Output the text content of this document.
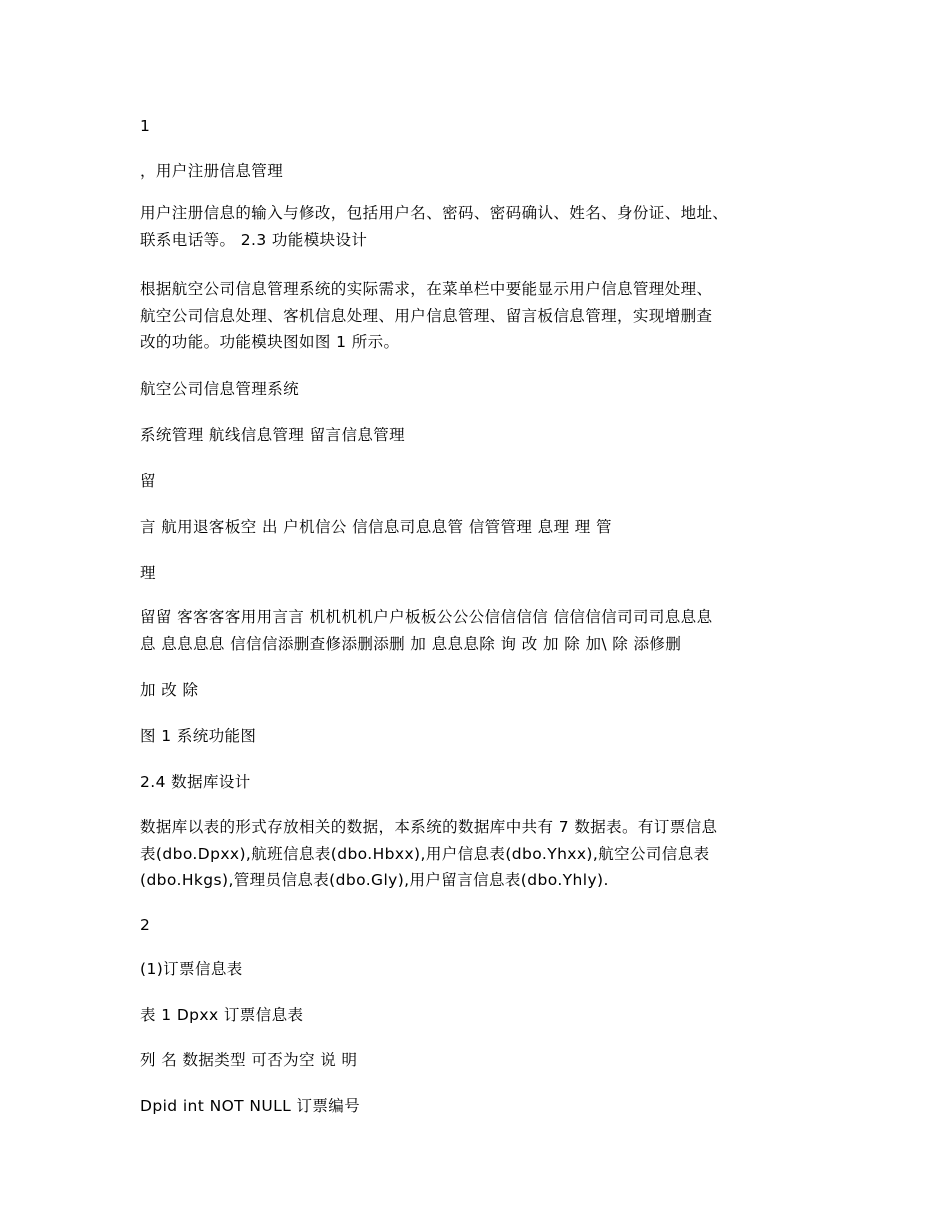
1
，用户注册信息管理
用户注册信息的输入与修改，包括用户名、密码、密码确认、姓名、身份证、地址、
联系电话等。 2.3 功能模块设计
根据航空公司信息管理系统的实际需求，在菜单栏中要能显示用户信息管理处理、
航空公司信息处理、客机信息处理、用户信息管理、留言板信息管理，实现增删查
改的功能。功能模块图如图 1 所示。
航空公司信息管理系统
系统管理 航线信息管理 留言信息管理
留
言 航用退客板空 出 户机信公 信信息司息息管 信管管理 息理 理 管
理
留留 客客客客用用言言 机机机机户户板板公公公信信信信 信信信信司司司息息息
息 息息息息 信信信添删查修添删添删 加 息息息除 询 改 加 除 加\ 除 添修删
加 改 除
图 1 系统功能图
2.4 数据库设计
数据库以表的形式存放相关的数据，本系统的数据库中共有 7 数据表。有订票信息
表(dbo.Dpxx),航班信息表(dbo.Hbxx),用户信息表(dbo.Yhxx),航空公司信息表
(dbo.Hkgs),管理员信息表(dbo.Gly),用户留言信息表(dbo.Yhly).
2
(1)订票信息表
表 1 Dpxx 订票信息表
列 名 数据类型 可否为空 说 明
Dpid int NOT NULL 订票编号
